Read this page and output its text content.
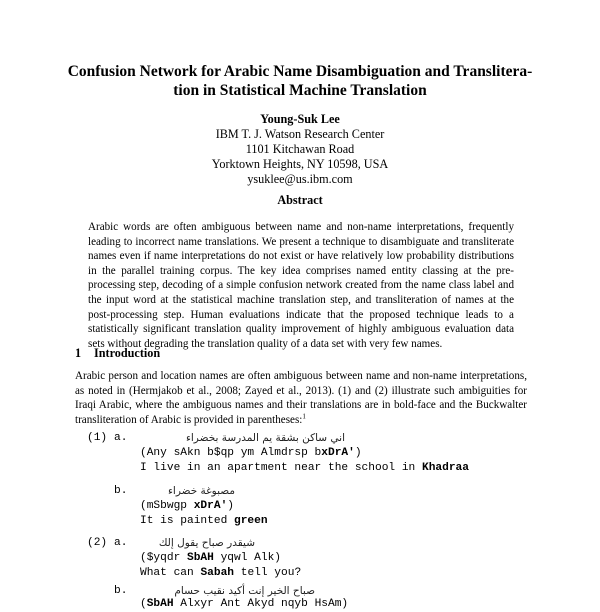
Confusion Network for Arabic Name Disambiguation and Translitera-
tion in Statistical Machine Translation
Young-Suk Lee
IBM T. J. Watson Research Center
1101 Kitchawan Road
Yorktown Heights, NY 10598, USA
ysuklee@us.ibm.com
Abstract
Arabic words are often ambiguous between name and non-name interpretations, frequently leading to incorrect name translations. We present a technique to disambiguate and transliterate names even if name interpretations do not exist or have relatively low probability distributions in the parallel training corpus. The key idea comprises named entity classing at the pre-processing step, decoding of a simple confusion network created from the name class label and the input word at the statistical machine translation step, and transliteration of names at the post-processing step. Human evaluations indicate that the proposed technique leads to a statistically significant translation quality improvement of highly ambiguous evaluation data sets without degrading the translation quality of a data set with very few names.
1 Introduction
Arabic person and location names are often ambiguous between name and non-name interpretations, as noted in (Hermjakob et al., 2008; Zayed et al., 2013). (1) and (2) illustrate such ambiguities for Iraqi Arabic, where the ambiguous names and their translations are in bold-face and the Buckwalter transliteration of Arabic is provided in parentheses:$^1$
(1) a.	اني ساكن بشقة يم المدرسة بخضراء
(Any sAkn b$qp ym Almdrsp bxDrA')
I live in an apartment near the school in Khadraa
b.	مصبوغة خضراء
(mSbwgp xDrA')
It is painted green
(2) a.	شيقدر صباح يقول إلك
($yqdr SbAH yqwl Alk)
What can Sabah tell you?
b.	صباح الخير إنت أكيد نقيب حسام
(SbAH Alxyr Ant Akyd nqyb HsAm)
